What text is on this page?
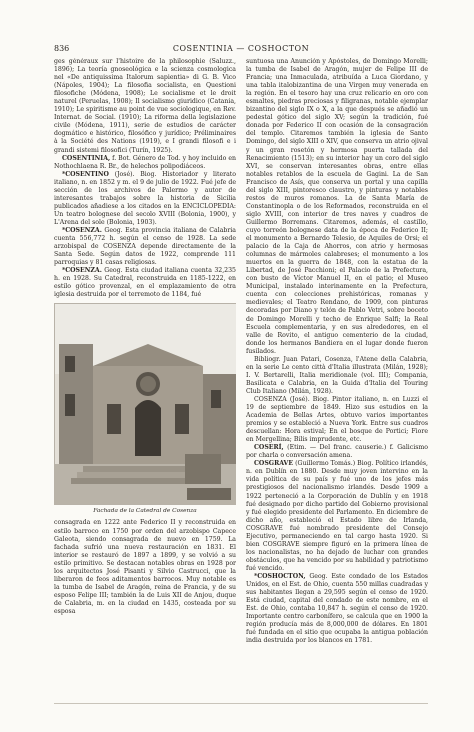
836	COSENTINIA — COSHOCTON

ges généraux sur l'histoire de la philosophie (Saluzz., 1896); La teoría gnoseológica e la scienza cosmologica nel «De antiquissima Italorum sapientia» di G. B. Vico (Nápoles, 1904); La filosofia socialista, en Questioni filosofiche (Módena, 1908); Le socialisme et le droit naturel (Peruelas, 1908); Il socialismo giuridico (Catania, 1910); Le spiritisme au point de vue sociologique, en Rev. Internat. de Social. (1910); La riforma della legislazione civile (Módena, 1911), serie de estudios de carácter dogmático e histórico, filosófico y jurídico; Préliminaires à la Société des Nations (1919), e I grandi filosofi e i grandi sistemi filosofici (Turín, 1925).

COSENTINIA, f. Bot. Género de Tod. y hoy incluido en Nothochlaena R. Br., de helechos polipodiáceos.

*COSENTINO (José). Biog. Historiador y literato italiano, n. en 1852 y m. el 9 de julio de 1922. Fué jefe de sección de los archivos de Palermo y autor de interesantes trabajos sobre la historia de Sicilia publicados añadiese a los citados en la ENCICLOPEDIA: Un teatro bolognese del secolo XVIII (Bolonia, 1900), y L'Arena del sole (Bolonia, 1903).

*COSENZA. Geog. Esta provincia italiana de Calabria cuenta 556,772 h. según el censo de 1928. La sede arzobispal de COSENZA depende directamente de la Santa Sede. Según datos de 1922, comprende 111 parroquias y 81 casas religiosas.

*COSENZA. Geog. Esta ciudad italiana cuenta 32,235 h. en 1928. Su Catedral, reconstruida en 1185-1222, en estilo gótico provenzal, en el emplazamiento de otra iglesia destruida por el terremoto de 1184, fué

Fachada de la Catedral de Cosenza

consagrada en 1222 ante Federico II y reconstruida en estilo barroco en 1750 por orden del arzobispo Capece Galeota, siendo consagrada de nuevo en 1759. La fachada sufrió una nueva restauración en 1831. El interior se restauró de 1897 a 1899, y se volvió a su estilo primitivo. Se destacan notables obras en 1928 por los arquitectos José Pisanti y Silvio Castrucci, que la liberaron de feos aditamentos barrocos. Muy notable es la tumba de Isabel de Aragón, reina de Francia, y de su esposo Felipe III; también la de Luis XII de Anjou, duque de Calabria, m. en la ciudad en 1435, costeada por su esposa

suntuosa una Anunción y Apóstoles, de Domingo Morelli; la tumba de Isabel de Aragón, mujer de Felipe III de Francia; una Inmaculada, atribuída a Luca Giordano, y una tabla italobizantina de una Virgen muy venerada en la región. En el tesoro hay una cruz relicario en oro con esmaltes, piedras preciosas y filigranas, notable ejemplar bizantino del siglo IX o X, a la que después se añadió un pedestal gótico del siglo XV; según la tradición, fué donada por Federico II con ocasión de la consagración del templo. Citaremos también la iglesia de Santo Domingo, del siglo XIII o XIV, que conserva un atrio ojival y un gran rosetón y hermosa puerta tallada del Renacimiento (1513); en su interior hay un coro del siglo XVI, se conservan interesantes obras, entre ellas notables retablos de la escuela de Gagini. La de San Francisco de Asís, que conserva un portal y una capilla del siglo XIII, pintoresco claustro, y pinturas y notables restos de muros romanos. La de Santa María de Constantinopla o de los Reformados, reconstruida en el siglo XVIII, con interior de tres naves y cuadros de Guillermo Borremans. Citaremos, además, el castillo, cuyo torreón bolognese data de la época de Federico II; el monumento a Bernardo Telesio, de Aquiles de Orsi; el palacio de la Caja de Ahorros, con atrio y hermosas columnas de mármoles calabreses; el monumento a los muertos en la guerra de 1848, con la estatua de la Libertad, de José Pacchioni; el Palacio de la Prefectura, con busto de Víctor Manuel II, en el patio; el Museo Municipal, instalado interinamente en la Prefectura, cuenta con colecciones prehistóricas, romanas y medievales; el Teatro Rendano, de 1909, con pinturas decoradas por Diano y telón de Pablo Vetri, sobre boceto de Domingo Morelli y techo de Enrique Salfi; la Real Escuela complementaria, y en sus alrededores, en el valle de Rovito, el antiguo cementerio de la ciudad, donde los hermanos Bandiera en el lugar donde fueron fusilados.

Bibliogr. Juan Patari, Cosenza, l'Atene della Calabria, en la serie Le cento città d'Italia illustrata (Milán, 1928); I. V. Bertarelli, Italia meridionale (vol. III); Compania, Basilicata e Calabria, en la Guida d'Italia del Touring Club Italiano (Milán, 1928).

COSENZA (José). Biog. Pintor italiano, n. en Luzzi el 19 de septiembre de 1849. Hizo sus estudios en la Academia de Bellas Artes, obtuvo varios importantes premios y se estableció a Nueva York. Entre sus cuadros descuellan: Hora estival; En el bosque de Portici; Fiore en Mergellina; Bilis imprudente, etc.

COSERÍ, (Etim. — Del franc. causerie.) f. Galicismo por charla o conversación amena.

COSGRAVE (Guillermo Tomás.) Biog. Político irlandés, n. en Dublín en 1880. Desde muy joven intervino en la vida política de su país y fué uno de los jefes más prestigiosos del nacionalismo irlandés. Desde 1909 a 1922 perteneció a la Corporación de Dublín y en 1918 fué designado por dicho partido del Gobierno provisional y fué elegido presidente del Parlamento. En diciembre de dicho año, estableció el Estado libre de Irlanda, COSGRAVE fué nombrado presidente del Consejo Ejecutivo, permaneciendo en tal cargo hasta 1920. Si bien COSGRAVE siempre figuró en la primera línea de los nacionalistas, no ha dejado de luchar con grandes obstáculos, que ha vencido por su habilidad y patriotismo fué vencido.

*COSHOCTON, Geog. Este condado de los Estados Unidos, en el Est. de Ohio, cuenta 550 millas cuadradas y sus habitantes llegan a 29,595 según el censo de 1920. Está ciudad, capital del condado de este nombre, en el Est. de Ohio, contaba 10,847 h. según el censo de 1920. Importante centro carbonífero, se calcula que en 1900 la región producía más de 8,000,000 de dólares. En 1801 fué fundada en el sitio que ocupaba la antigua población india destruida por los blancos en 1781.
